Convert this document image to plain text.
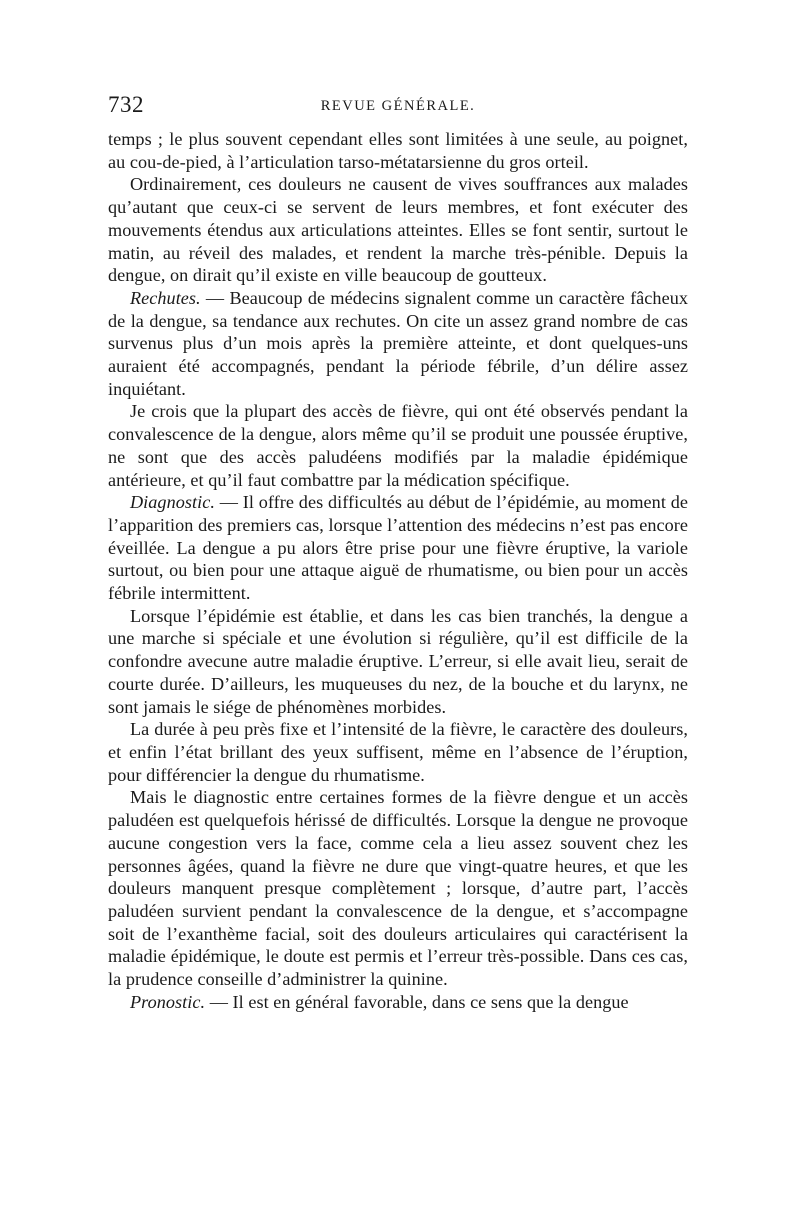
732	REVUE GÉNÉRALE.

temps ; le plus souvent cependant elles sont limitées à une seule, au poignet, au cou-de-pied, à l’articulation tarso-métatarsienne du gros orteil.

Ordinairement, ces douleurs ne causent de vives souffrances aux malades qu’autant que ceux-ci se servent de leurs membres, et font exécuter des mouvements étendus aux articulations atteintes. Elles se font sentir, surtout le matin, au réveil des malades, et rendent la marche très-pénible. Depuis la dengue, on dirait qu’il existe en ville beaucoup de goutteux.

Rechutes. — Beaucoup de médecins signalent comme un caractère fâcheux de la dengue, sa tendance aux rechutes. On cite un assez grand nombre de cas survenus plus d’un mois après la première atteinte, et dont quelques-uns auraient été accompagnés, pendant la période fébrile, d’un délire assez inquiétant.

Je crois que la plupart des accès de fièvre, qui ont été observés pendant la convalescence de la dengue, alors même qu’il se produit une poussée éruptive, ne sont que des accès paludéens modifiés par la maladie épidémique antérieure, et qu’il faut combattre par la médication spécifique.

Diagnostic. — Il offre des difficultés au début de l’épidémie, au moment de l’apparition des premiers cas, lorsque l’attention des médecins n’est pas encore éveillée. La dengue a pu alors être prise pour une fièvre éruptive, la variole surtout, ou bien pour une attaque aiguë de rhumatisme, ou bien pour un accès fébrile intermittent.

Lorsque l’épidémie est établie, et dans les cas bien tranchés, la dengue a une marche si spéciale et une évolution si régulière, qu’il est difficile de la confondre avecune autre maladie éruptive. L’erreur, si elle avait lieu, serait de courte durée. D’ailleurs, les muqueuses du nez, de la bouche et du larynx, ne sont jamais le siége de phénomènes morbides.

La durée à peu près fixe et l’intensité de la fièvre, le caractère des douleurs, et enfin l’état brillant des yeux suffisent, même en l’absence de l’éruption, pour différencier la dengue du rhumatisme.

Mais le diagnostic entre certaines formes de la fièvre dengue et un accès paludéen est quelquefois hérissé de difficultés. Lorsque la dengue ne provoque aucune congestion vers la face, comme cela a lieu assez souvent chez les personnes âgées, quand la fièvre ne dure que vingt-quatre heures, et que les douleurs manquent presque complètement ; lorsque, d’autre part, l’accès paludéen survient pendant la convalescence de la dengue, et s’accompagne soit de l’exanthème facial, soit des douleurs articulaires qui caractérisent la maladie épidémique, le doute est permis et l’erreur très-possible. Dans ces cas, la prudence conseille d’administrer la quinine.

Pronostic. — Il est en général favorable, dans ce sens que la dengue
